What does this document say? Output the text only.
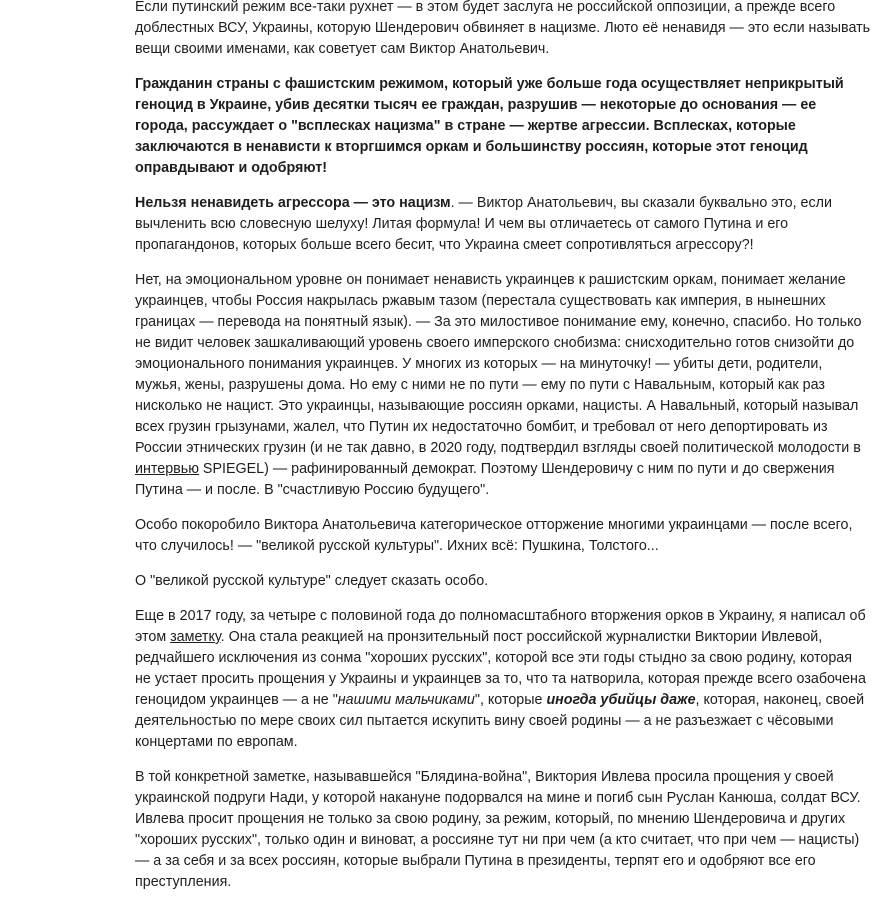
Если путинский режим все-таки рухнет — в этом будет заслуга не российской оппозиции, а прежде всего доблестных ВСУ, Украины, которую Шендерович обвиняет в нацизме. Люто её ненавидя — это если называть вещи своими именами, как советует сам Виктор Анатольевич.

Гражданин страны с фашистским режимом, который уже больше года осуществляет неприкрытый геноцид в Украине, убив десятки тысяч ее граждан, разрушив — некоторые до основания — ее города, рассуждает о "всплесках нацизма" в стране — жертве агрессии. Всплесках, которые заключаются в ненависти к вторгшимся оркам и большинству россиян, которые этот геноцид оправдывают и одобряют!

Нельзя ненавидеть агрессора — это нацизм. — Виктор Анатольевич, вы сказали буквально это, если вычленить всю словесную шелуху! Литая формула! И чем вы отличаетесь от самого Путина и его пропагандонов, которых больше всего бесит, что Украина смеет сопротивляться агрессору?!

Нет, на эмоциональном уровне он понимает ненависть украинцев к рашистским оркам, понимает желание украинцев, чтобы Россия накрылась ржавым тазом (перестала существовать как империя, в нынешних границах — перевода на понятный язык). — За это милостивое понимание ему, конечно, спасибо. Но только не видит человек зашкаливающий уровень своего имперского снобизма: снисходительно готов снизойти до эмоционального понимания украинцев. У многих из которых — на минуточку! — убиты дети, родители, мужья, жены, разрушены дома. Но ему с ними не по пути — ему по пути с Навальным, который как раз нисколько не нацист. Это украинцы, называющие россиян орками, нацисты. А Навальный, который называл всех грузин грызунами, жалел, что Путин их недостаточно бомбит, и требовал от него депортировать из России этнических грузин (и не так давно, в 2020 году, подтвердил взгляды своей политической молодости в интервью SPIEGEL) — рафинированный демократ. Поэтому Шендеровичу с ним по пути и до свержения Путина — и после. В "счастливую Россию будущего".

Особо покоробило Виктора Анатольевича категорическое отторжение многими украинцами — после всего, что случилось! — "великой русской культуры". Ихних всё: Пушкина, Толстого...

О "великой русской культуре" следует сказать особо.

Еще в 2017 году, за четыре с половиной года до полномасштабного вторжения орков в Украину, я написал об этом заметку. Она стала реакцией на пронзительный пост российской журналистки Виктории Ивлевой, редчайшего исключения из сонма "хороших русских", которой все эти годы стыдно за свою родину, которая не устает просить прощения у Украины и украинцев за то, что та натворила, которая прежде всего озабочена геноцидом украинцев — а не "нашими мальчиками", которые иногда убийцы даже, которая, наконец, своей деятельностью по мере своих сил пытается искупить вину своей родины — а не разъезжает с чёсовыми концертами по европам.

В той конкретной заметке, называвшейся "Блядина-война", Виктория Ивлева просила прощения у своей украинской подруги Нади, у которой накануне подорвался на мине и погиб сын Руслан Канюша, солдат ВСУ. Ивлева просит прощения не только за свою родину, за режим, который, по мнению Шендеровича и других "хороших русских", только один и виноват, а россияне тут ни при чем (а кто считает, что при чем — нацисты) — а за себя и за всех россиян, которые выбрали Путина в президенты, терпят его и одобряют все его преступления.
